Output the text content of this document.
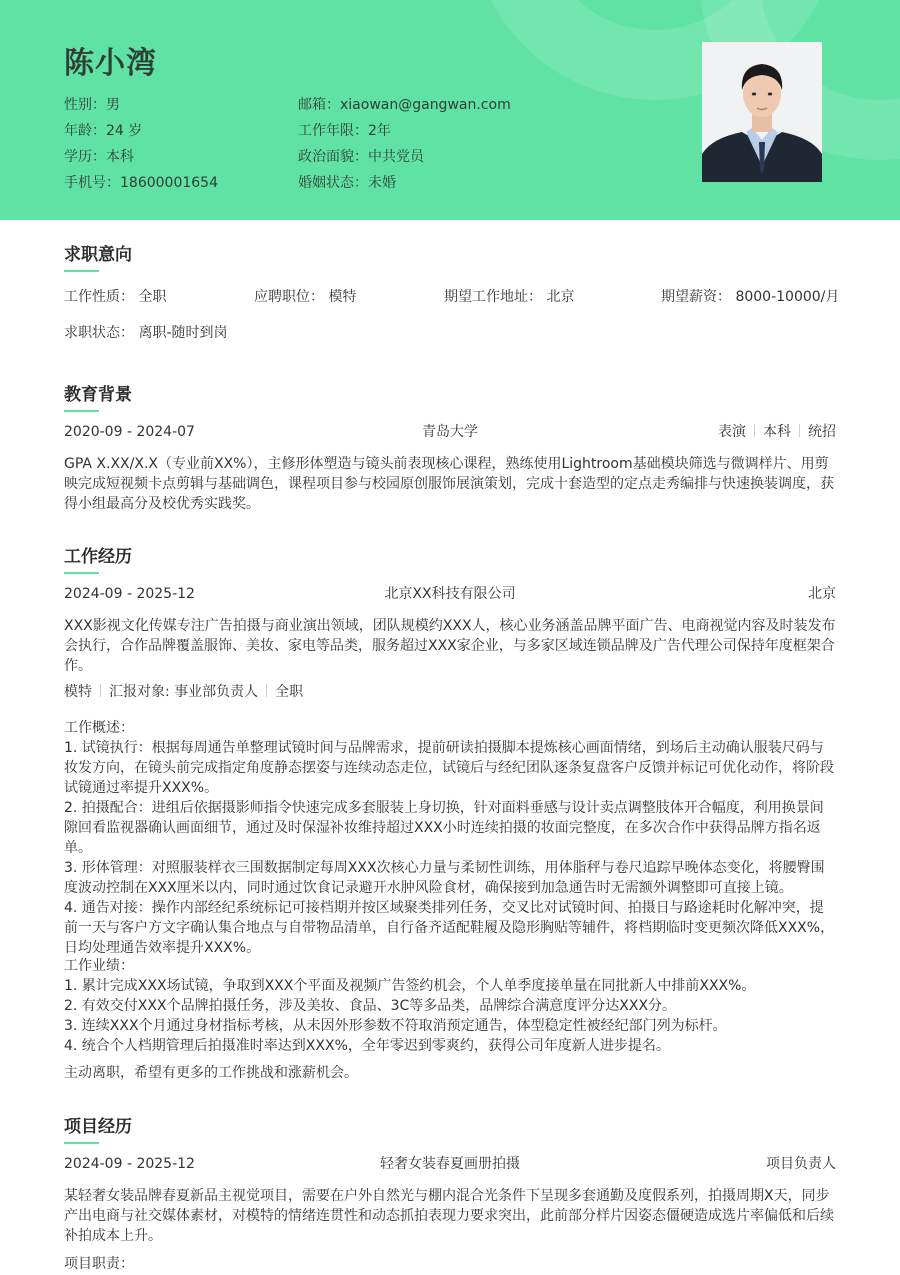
陈小湾
性别：男
年龄：24 岁
学历：本科
手机号：18600001654
邮箱：xiaowan@gangwan.com
工作年限：2年
政治面貌：中共党员
婚姻状态：未婚
求职意向
工作性质： 全职	应聘职位： 模特	期望工作地址： 北京	期望薪资： 8000-10000/月
求职状态： 离职-随时到岗
教育背景
2020-09 - 2024-07	青岛大学	表演 本科 统招
GPA X.XX/X.X（专业前XX%），主修形体塑造与镜头前表现核心课程，熟练使用Lightroom基础模块筛选与微调样片、用剪映完成短视频卡点剪辑与基础调色，课程项目参与校园原创服饰展演策划，完成十套造型的定点走秀编排与快速换装调度，获得小组最高分及校优秀实践奖。
工作经历
2024-09 - 2025-12	北京XX科技有限公司	北京
XXX影视文化传媒专注广告拍摄与商业演出领域，团队规模约XXX人，核心业务涵盖品牌平面广告、电商视觉内容及时装发布会执行，合作品牌覆盖服饰、美妆、家电等品类，服务超过XXX家企业，与多家区域连锁品牌及广告代理公司保持年度框架合作。
模特 汇报对象: 事业部负责人 全职
工作概述：
1. 试镜执行：根据每周通告单整理试镜时间与品牌需求，提前研读拍摄脚本提炼核心画面情绪，到场后主动确认服装尺码与妆发方向，在镜头前完成指定角度静态摆姿与连续动态走位，试镜后与经纪团队逐条复盘客户反馈并标记可优化动作，将阶段试镜通过率提升XXX%。
2. 拍摄配合：进组后依据摄影师指令快速完成多套服装上身切换，针对面料垂感与设计卖点调整肢体开合幅度，利用换景间隙回看监视器确认画面细节，通过及时保湿补妆维持超过XXX小时连续拍摄的妆面完整度，在多次合作中获得品牌方指名返单。
3. 形体管理：对照服装样衣三围数据制定每周XXX次核心力量与柔韧性训练，用体脂秤与卷尺追踪早晚体态变化，将腰臀围度波动控制在XXX厘米以内，同时通过饮食记录避开水肿风险食材，确保接到加急通告时无需额外调整即可直接上镜。
4. 通告对接：操作内部经纪系统标记可接档期并按区域聚类排列任务，交叉比对试镜时间、拍摄日与路途耗时化解冲突，提前一天与客户方文字确认集合地点与自带物品清单，自行备齐适配鞋履及隐形胸贴等辅件，将档期临时变更频次降低XXX%，日均处理通告效率提升XXX%。
工作业绩：
1. 累计完成XXX场试镜，争取到XXX个平面及视频广告签约机会，个人单季度接单量在同批新人中排前XXX%。
2. 有效交付XXX个品牌拍摄任务，涉及美妆、食品、3C等多品类，品牌综合满意度评分达XXX分。
3. 连续XXX个月通过身材指标考核，从未因外形参数不符取消预定通告，体型稳定性被经纪部门列为标杆。
4. 统合个人档期管理后拍摄准时率达到XXX%，全年零迟到零爽约，获得公司年度新人进步提名。
主动离职，希望有更多的工作挑战和涨薪机会。
项目经历
2024-09 - 2025-12	轻奢女装春夏画册拍摄	项目负责人
某轻奢女装品牌春夏新品主视觉项目，需要在户外自然光与棚内混合光条件下呈现多套通勤及度假系列，拍摄周期X天，同步产出电商与社交媒体素材，对模特的情绪连贯性和动态抓拍表现力要求突出，此前部分样片因姿态僵硬造成选片率偏低和后续补拍成本上升。
项目职责：
